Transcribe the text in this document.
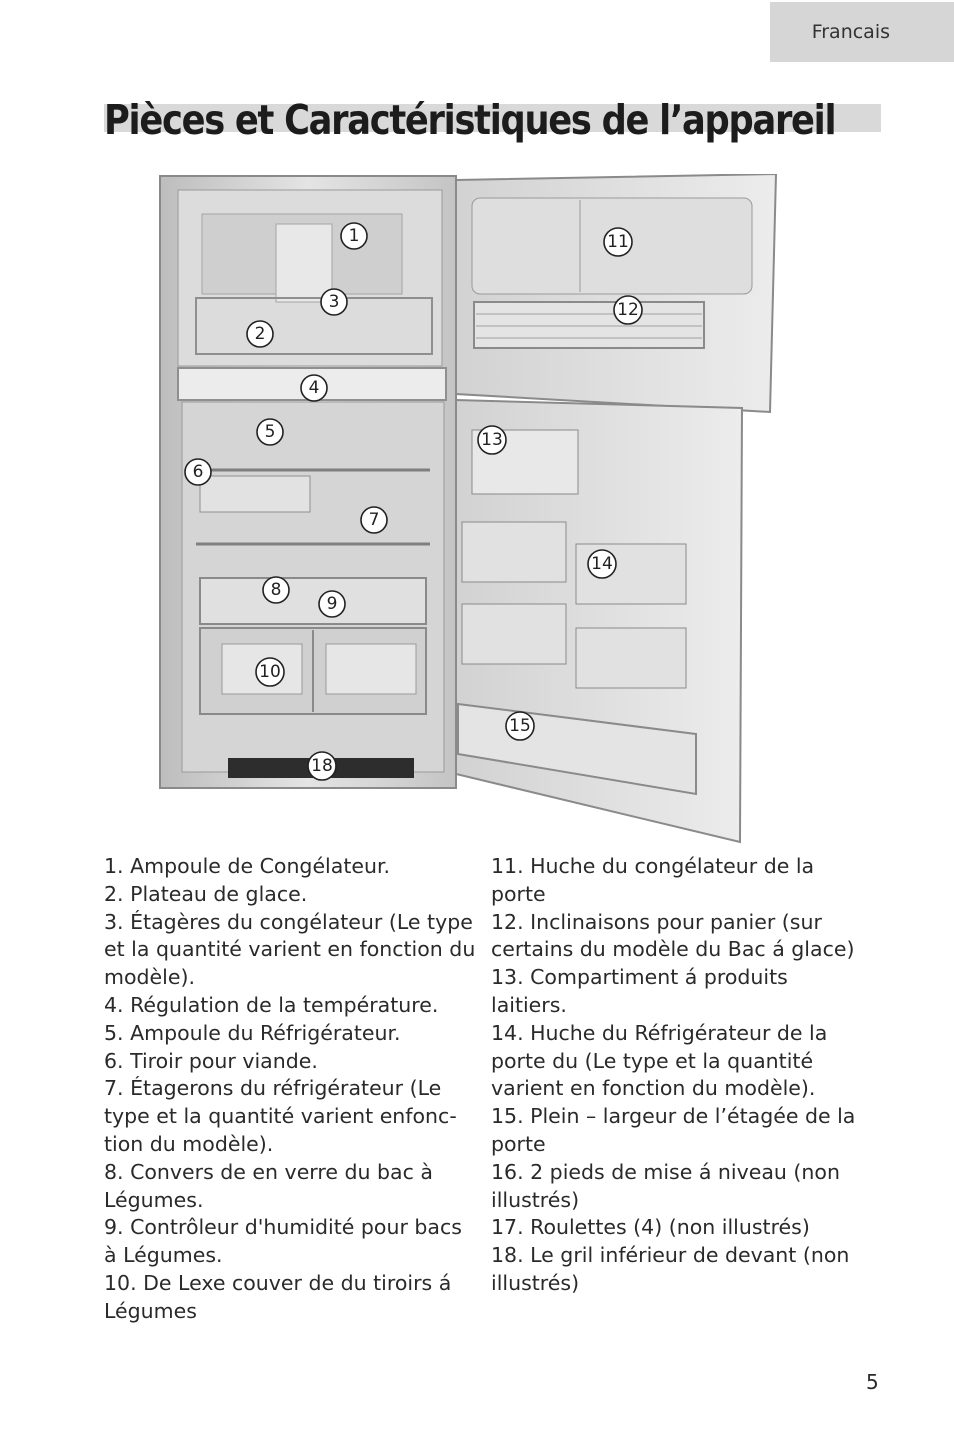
Francais
Pièces et Caractéristiques de l’appareil
1
2
3
4
5
6
7
8
9
10
11
12
13
14
15
18
1. Ampoule de Congélateur.
2. Plateau de glace.
3. Étagères du congélateur (Le type et la quantité varient en fonction du modèle).
4. Régulation de la température.
5. Ampoule du Réfrigérateur.
6. Tiroir pour viande.
7. Étagerons du réfrigérateur (Le type et la quantité varient enfonc-tion du modèle).
8. Convers de en verre du bac à Légumes.
9. Contrôleur d'humidité pour bacs à Légumes.
10. De Lexe couver de du tiroirs á Légumes
11. Huche du congélateur de la porte
12. Inclinaisons pour panier (sur certains du modèle du Bac á glace)
13. Compartiment á produits laitiers.
14. Huche du Réfrigérateur de la porte du (Le type et la quantité varient en fonction du modèle).
15. Plein – largeur de l’étagée de la porte
16. 2 pieds de mise á niveau (non illustrés)
17. Roulettes (4) (non illustrés)
18. Le gril inférieur de devant (non illustrés)
5
